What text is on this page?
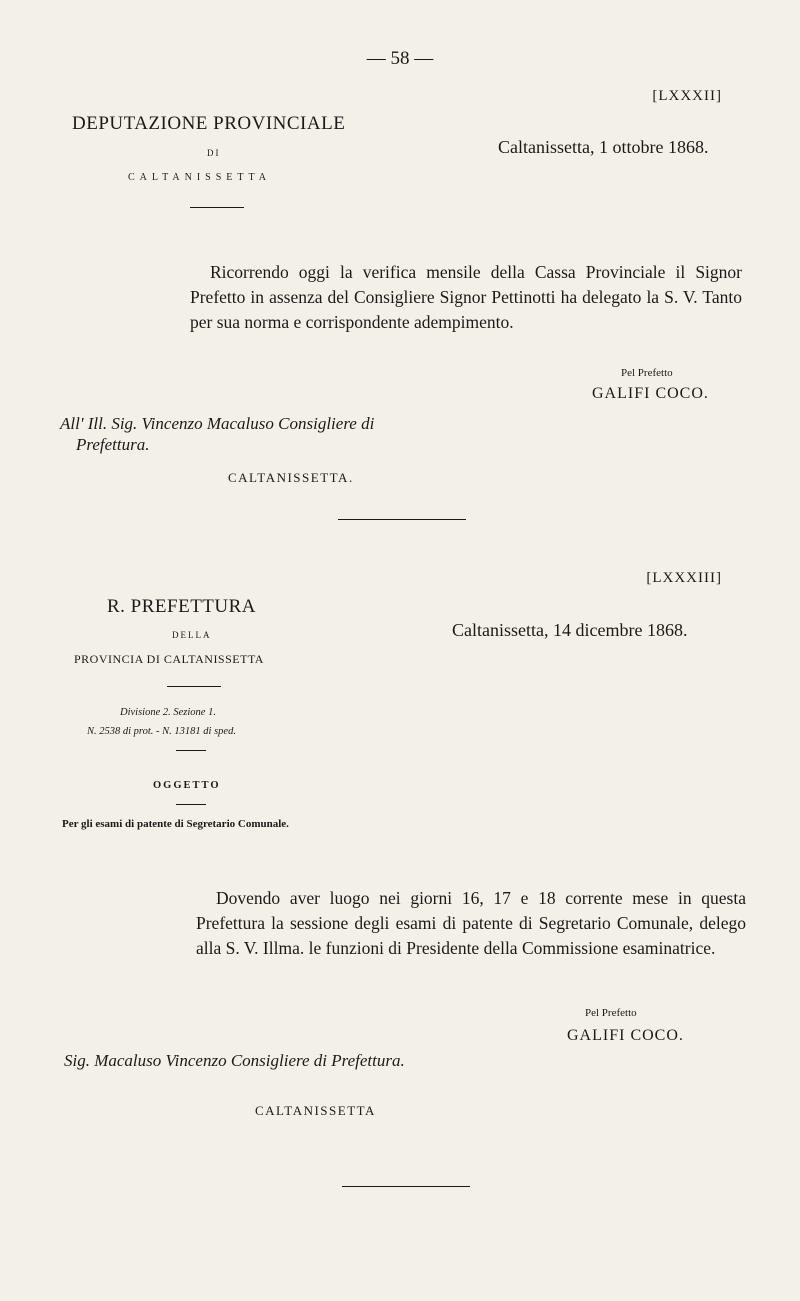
— 58 —
[LXXXII]
DEPUTAZIONE PROVINCIALE
DI
CALTANISSETTA
Caltanissetta, 1 ottobre 1868.
Ricorrendo oggi la verifica mensile della Cassa Provinciale il Signor Prefetto in assenza del Consigliere Signor Pettinotti ha delegato la S. V. Tanto per sua norma e corrispondente adempimento.
Pel Prefetto
GALIFI COCO.
All' Ill. Sig. Vincenzo Macaluso Consigliere di Prefettura.
CALTANISSETTA.
[LXXXIII]
R. PREFETTURA
DELLA
PROVINCIA DI CALTANISSETTA
Divisione 2. Sezione 1.
N. 2538 di prot. - N. 13181 di sped.
OGGETTO
Per gli esami di patente di Segretario Comunale.
Caltanissetta, 14 dicembre 1868.
Dovendo aver luogo nei giorni 16, 17 e 18 corrente mese in questa Prefettura la sessione degli esami di patente di Segretario Comunale, delego alla S. V. Illma. le funzioni di Presidente della Commissione esaminatrice.
Pel Prefetto
GALIFI COCO.
Sig. Macaluso Vincenzo Consigliere di Prefettura.
CALTANISSETTA
